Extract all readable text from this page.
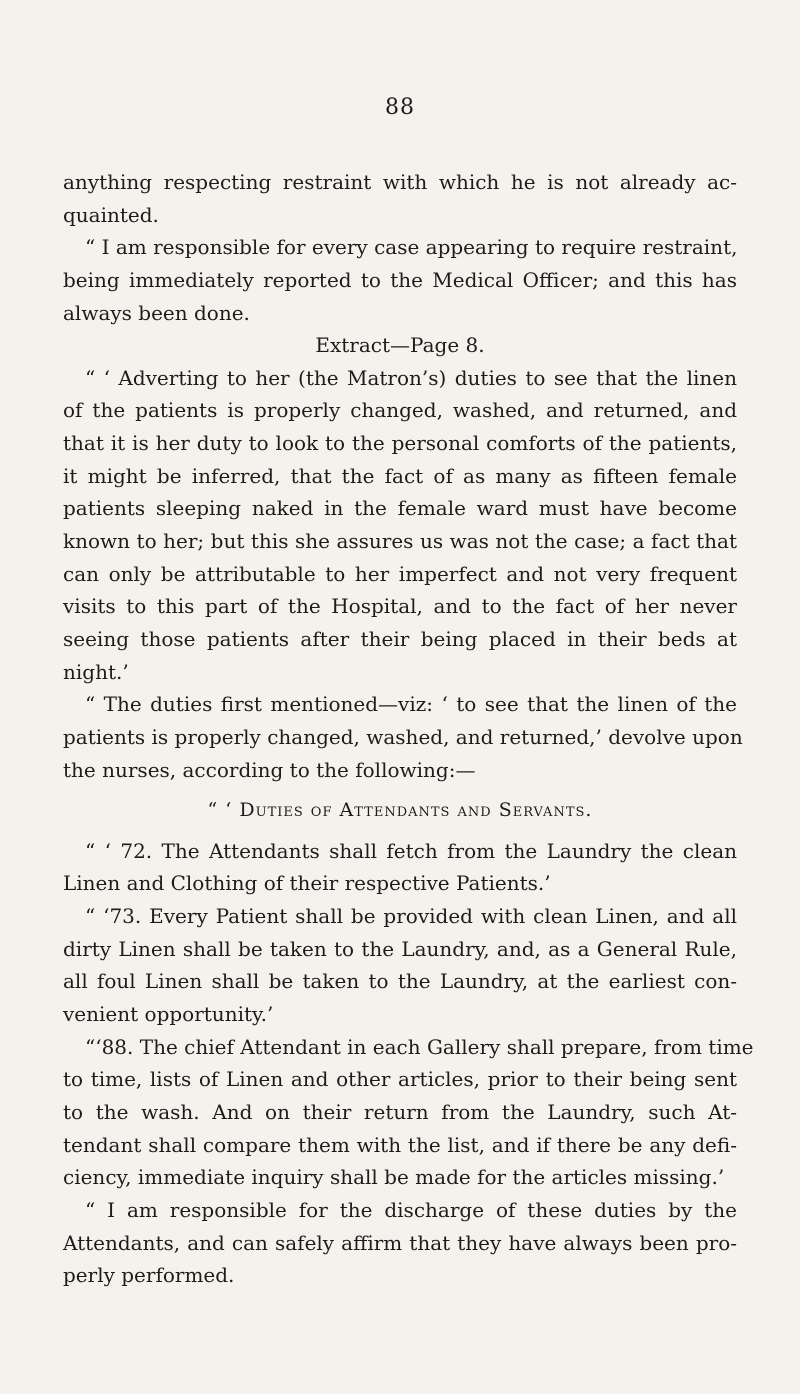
88
anything respecting restraint with which he is not already ac-
quainted.
“ I am responsible for every case appearing to require restraint,
being immediately reported to the Medical Officer; and this has
always been done.
Extract—Page 8.
“ ‘ Adverting to her (the Matron’s) duties to see that the linen
of the patients is properly changed, washed, and returned, and
that it is her duty to look to the personal comforts of the patients,
it might be inferred, that the fact of as many as fifteen female
patients sleeping naked in the female ward must have become
known to her; but this she assures us was not the case; a fact that
can only be attributable to her imperfect and not very frequent
visits to this part of the Hospital, and to the fact of her never
seeing those patients after their being placed in their beds at
night.’
“ The duties first mentioned—viz: ‘ to see that the linen of the
patients is properly changed, washed, and returned,’ devolve upon
the nurses, according to the following:—
“ ‘ Duties of Attendants and Servants.
“ ‘ 72. The Attendants shall fetch from the Laundry the clean
Linen and Clothing of their respective Patients.’
“ ‘73. Every Patient shall be provided with clean Linen, and all
dirty Linen shall be taken to the Laundry, and, as a General Rule,
all foul Linen shall be taken to the Laundry, at the earliest con-
venient opportunity.’
“‘88. The chief Attendant in each Gallery shall prepare, from time
to time, lists of Linen and other articles, prior to their being sent
to the wash. And on their return from the Laundry, such At-
tendant shall compare them with the list, and if there be any defi-
ciency, immediate inquiry shall be made for the articles missing.’
“ I am responsible for the discharge of these duties by the
Attendants, and can safely affirm that they have always been pro-
perly performed.
